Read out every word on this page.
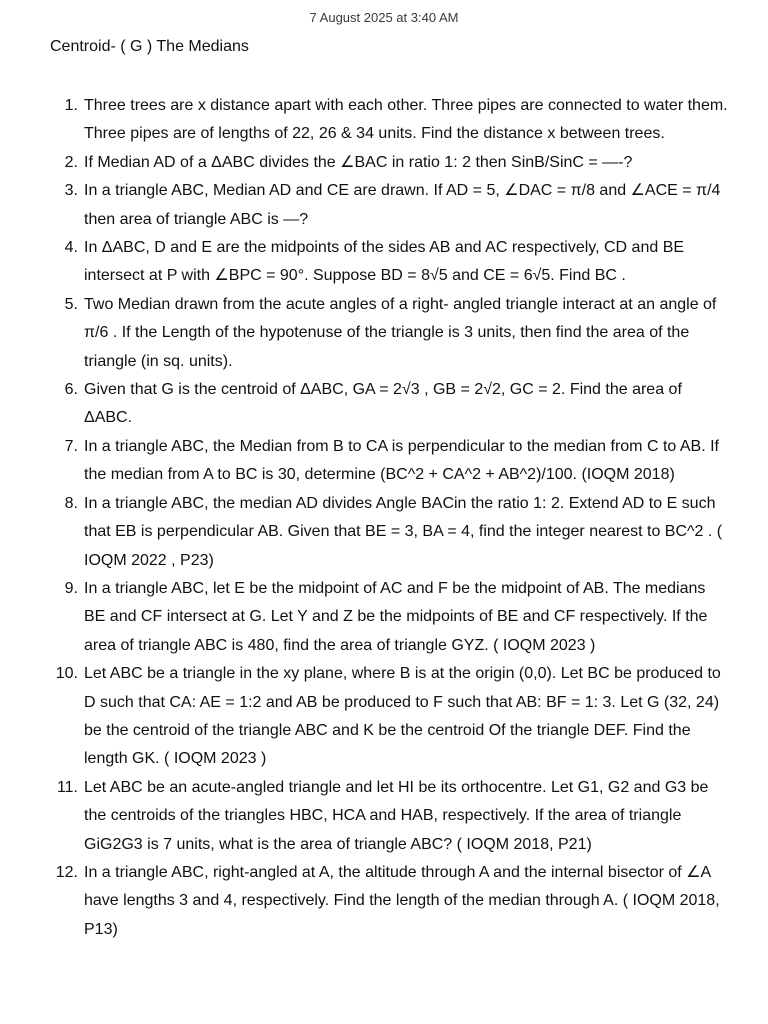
7 August 2025 at 3:40 AM
Centroid- ( G ) The Medians
1. Three trees are x distance apart with each other. Three pipes are connected to water them. Three pipes are of lengths of 22, 26 & 34 units. Find the distance x between trees.
2. If Median AD of a ΔABC divides the ∠BAC in ratio 1: 2 then SinB/SinC = —-?
3. In a triangle ABC, Median AD and CE are drawn. If AD = 5, ∠DAC = π/8 and ∠ACE = π/4 then area of triangle ABC is —?
4. In ΔABC, D and E are the midpoints of the sides AB and AC respectively, CD and BE intersect at P with ∠BPC = 90°. Suppose BD = 8√5 and CE = 6√5. Find BC .
5. Two Median drawn from the acute angles of a right- angled triangle interact at an angle of π/6 . If the Length of the hypotenuse of the triangle is 3 units, then find the area of the triangle (in sq. units).
6. Given that G is the centroid of ΔABC, GA = 2√3 , GB = 2√2, GC = 2. Find the area of ΔABC.
7. In a triangle ABC, the Median from B to CA is perpendicular to the median from C to AB. If the median from A to BC is 30, determine (BC^2 + CA^2 + AB^2)/100. (IOQM 2018)
8. In a triangle ABC, the median AD divides Angle BACin the ratio 1: 2. Extend AD to E such that EB is perpendicular AB. Given that BE = 3, BA = 4, find the integer nearest to BC^2 . ( IOQM 2022 , P23)
9. In a triangle ABC, let E be the midpoint of AC and F be the midpoint of AB. The medians BE and CF intersect at G. Let Y and Z be the midpoints of BE and CF respectively. If the area of triangle ABC is 480, find the area of triangle GYZ. ( IOQM 2023 )
10. Let ABC be a triangle in the xy plane, where B is at the origin (0,0). Let BC be produced to D such that CA: AE = 1:2 and AB be produced to F such that AB: BF = 1: 3. Let G (32, 24) be the centroid of the triangle ABC and K be the centroid Of the triangle DEF. Find the length GK. ( IOQM 2023 )
11. Let ABC be an acute-angled triangle and let HI be its orthocentre. Let G1, G2 and G3 be the centroids of the triangles HBC, HCA and HAB, respectively. If the area of triangle GiG2G3 is 7 units, what is the area of triangle ABC? ( IOQM 2018, P21)
12. In a triangle ABC, right-angled at A, the altitude through A and the internal bisector of ∠A have lengths 3 and 4, respectively. Find the length of the median through A. ( IOQM 2018, P13)
